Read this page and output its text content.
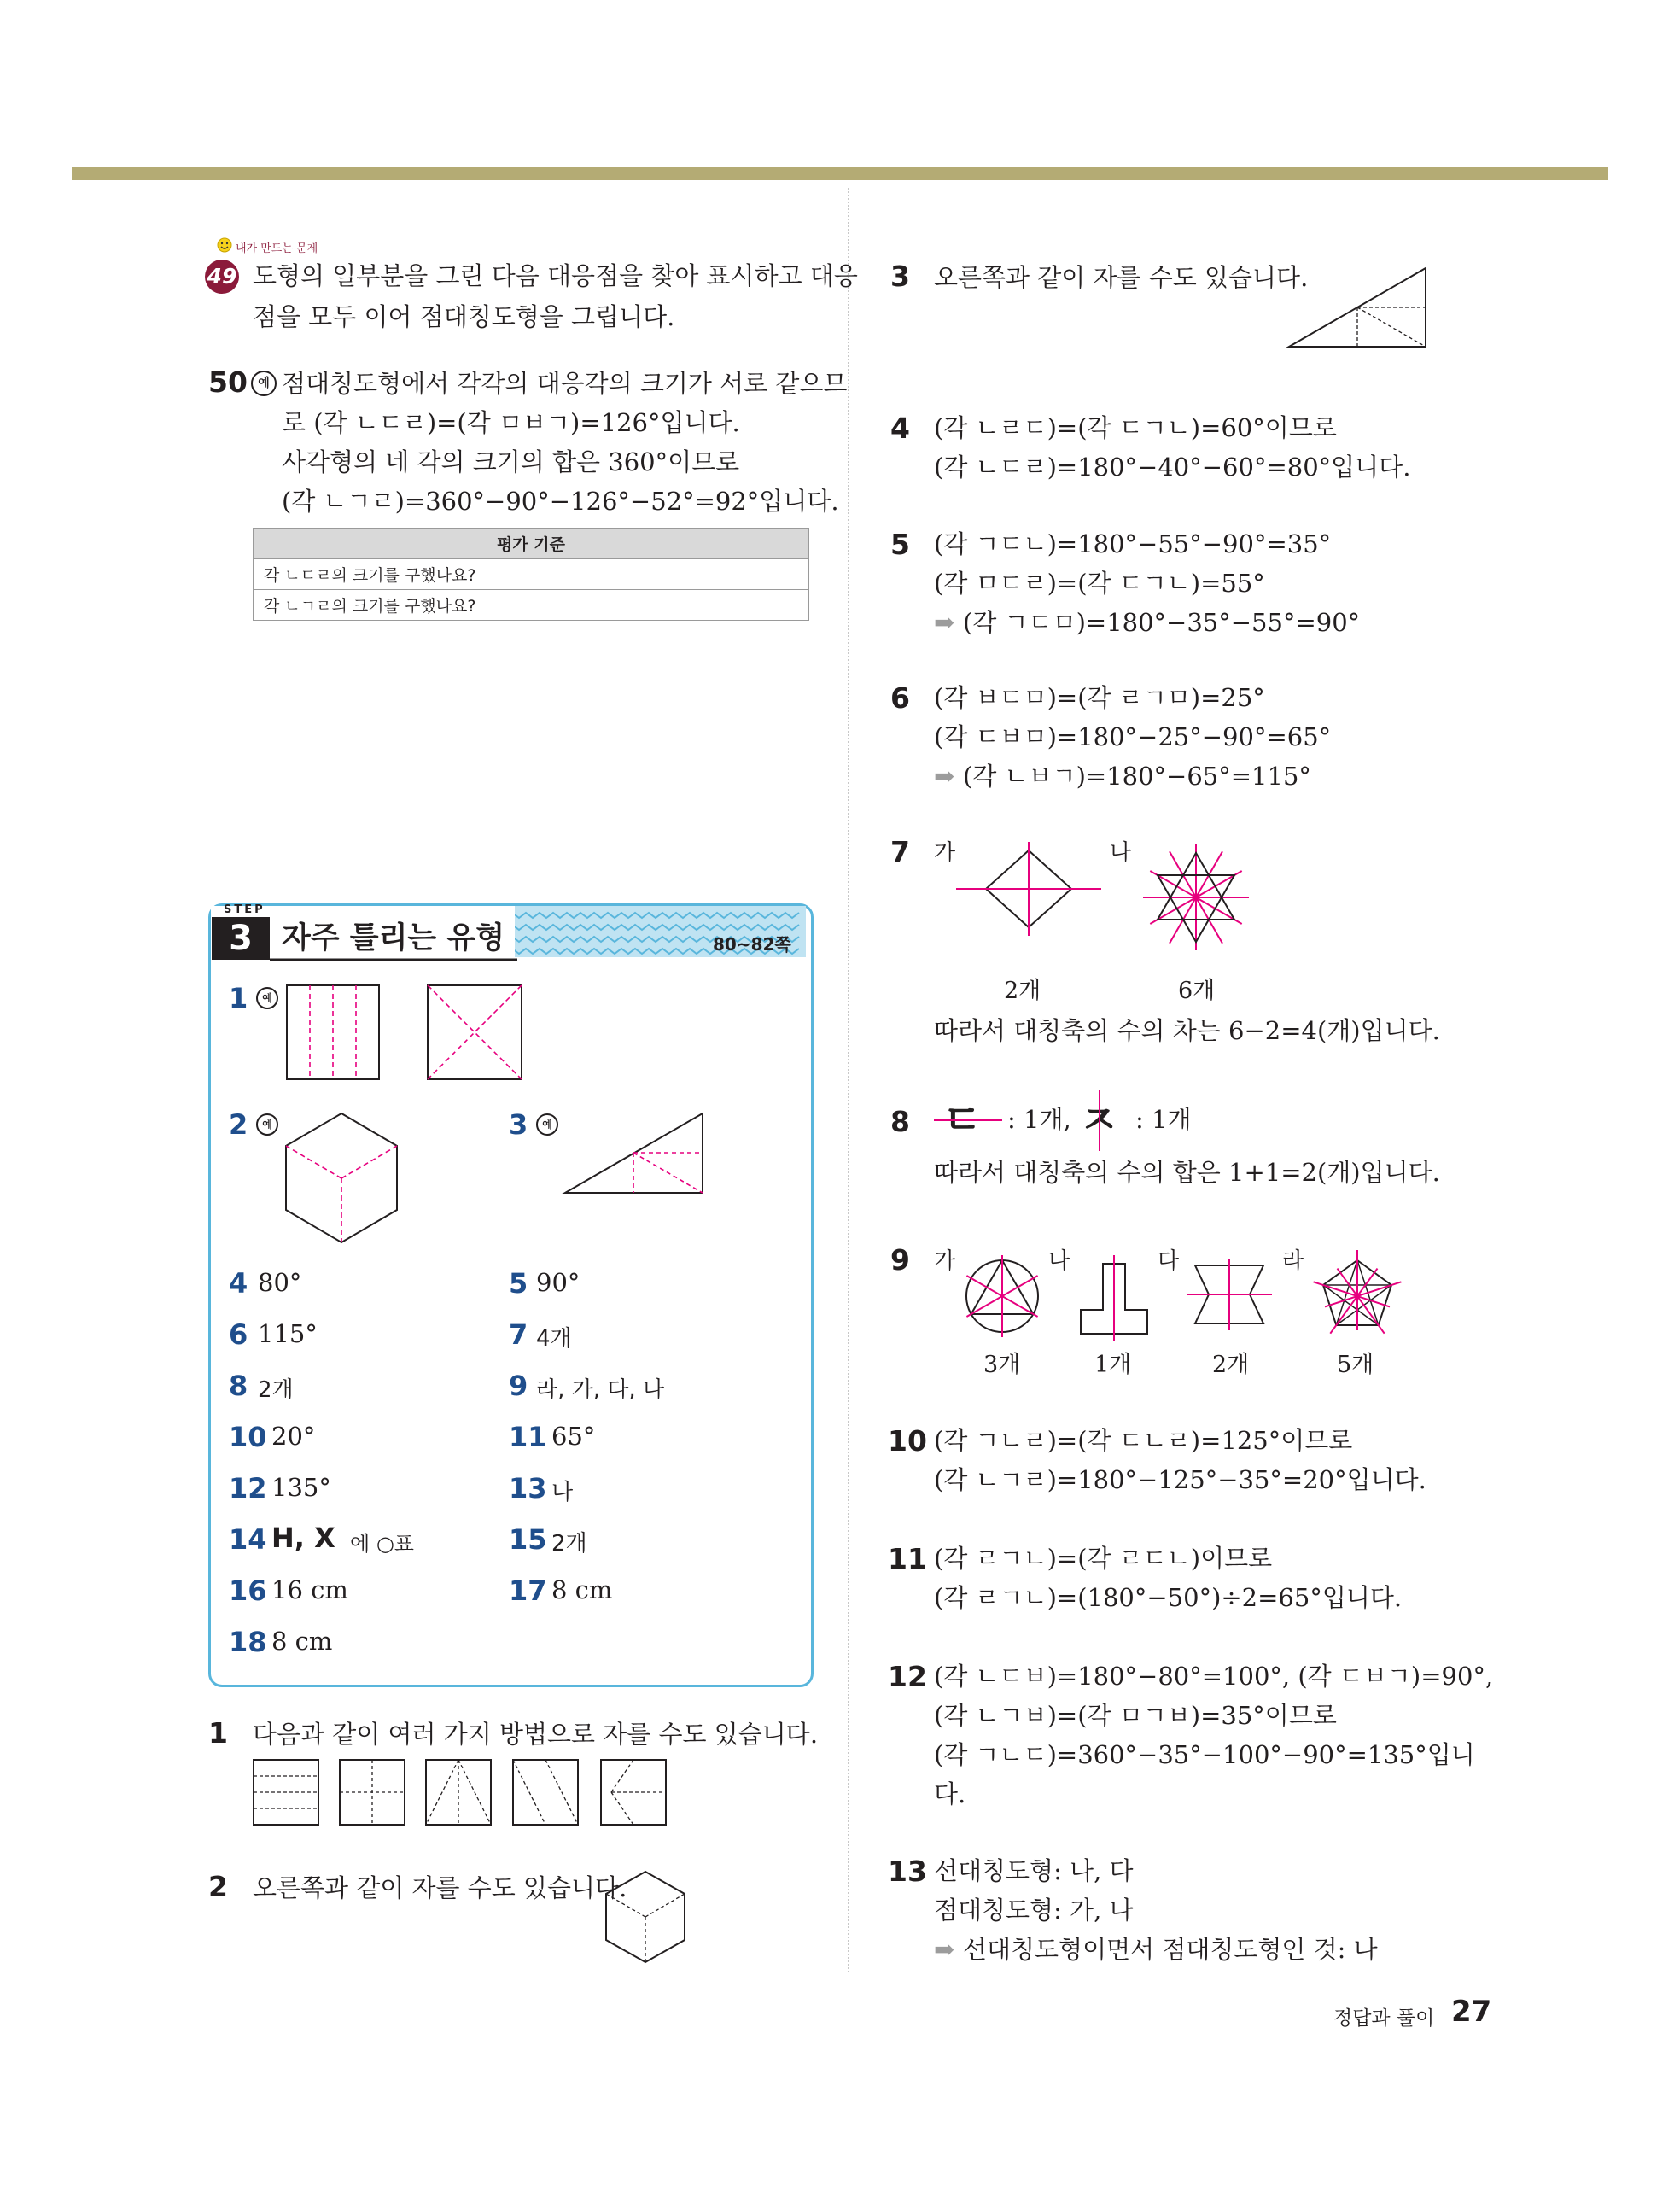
내가 만드는 문제
49 도형의 일부분을 그린 다음 대응점을 찾아 표시하고 대응
점을 모두 이어 점대칭도형을 그립니다.
50 예 점대칭도형에서 각각의 대응각의 크기가 서로 같으므
로 (각 ㄴㄷㄹ)=(각 ㅁㅂㄱ)=126°입니다.
사각형의 네 각의 크기의 합은 360°이므로
(각 ㄴㄱㄹ)=360°−90°−126°−52°=92°입니다.
평가 기준
각 ㄴㄷㄹ의 크기를 구했나요?
각 ㄴㄱㄹ의 크기를 구했나요?
STEP
3 자주 틀리는 유형	80~82쪽
1	예
2	예	3	예
4 80°	5 90°
6 115°	7 4개
8 2개	9 라, 가, 다, 나
10 20°	11 65°
12 135°	13 나
14 H, X 에 ○표	15 2개
16 16 cm	17 8 cm
18 8 cm
1 다음과 같이 여러 가지 방법으로 자를 수도 있습니다.
2 오른쪽과 같이 자를 수도 있습니다.
3 오른쪽과 같이 자를 수도 있습니다.
4 (각 ㄴㄹㄷ)=(각 ㄷㄱㄴ)=60°이므로
(각 ㄴㄷㄹ)=180°−40°−60°=80°입니다.
5 (각 ㄱㄷㄴ)=180°−55°−90°=35°
(각 ㅁㄷㄹ)=(각 ㄷㄱㄴ)=55°
➡ (각 ㄱㄷㅁ)=180°−35°−55°=90°
6 (각 ㅂㄷㅁ)=(각 ㄹㄱㅁ)=25°
(각 ㄷㅂㅁ)=180°−25°−90°=65°
➡ (각 ㄴㅂㄱ)=180°−65°=115°
7 가	나
2개	6개
따라서 대칭축의 수의 차는 6−2=4(개)입니다.
8 ㄷ : 1개, ㅈ : 1개
따라서 대칭축의 수의 합은 1+1=2(개)입니다.
9 가	나	다	라
3개	1개	2개	5개
10 (각 ㄱㄴㄹ)=(각 ㄷㄴㄹ)=125°이므로
(각 ㄴㄱㄹ)=180°−125°−35°=20°입니다.
11 (각 ㄹㄱㄴ)=(각 ㄹㄷㄴ)이므로
(각 ㄹㄱㄴ)=(180°−50°)÷2=65°입니다.
12 (각 ㄴㄷㅂ)=180°−80°=100°, (각 ㄷㅂㄱ)=90°,
(각 ㄴㄱㅂ)=(각 ㅁㄱㅂ)=35°이므로
(각 ㄱㄴㄷ)=360°−35°−100°−90°=135°입니
다.
13 선대칭도형: 나, 다
점대칭도형: 가, 나
➡ 선대칭도형이면서 점대칭도형인 것: 나
정답과 풀이 27
